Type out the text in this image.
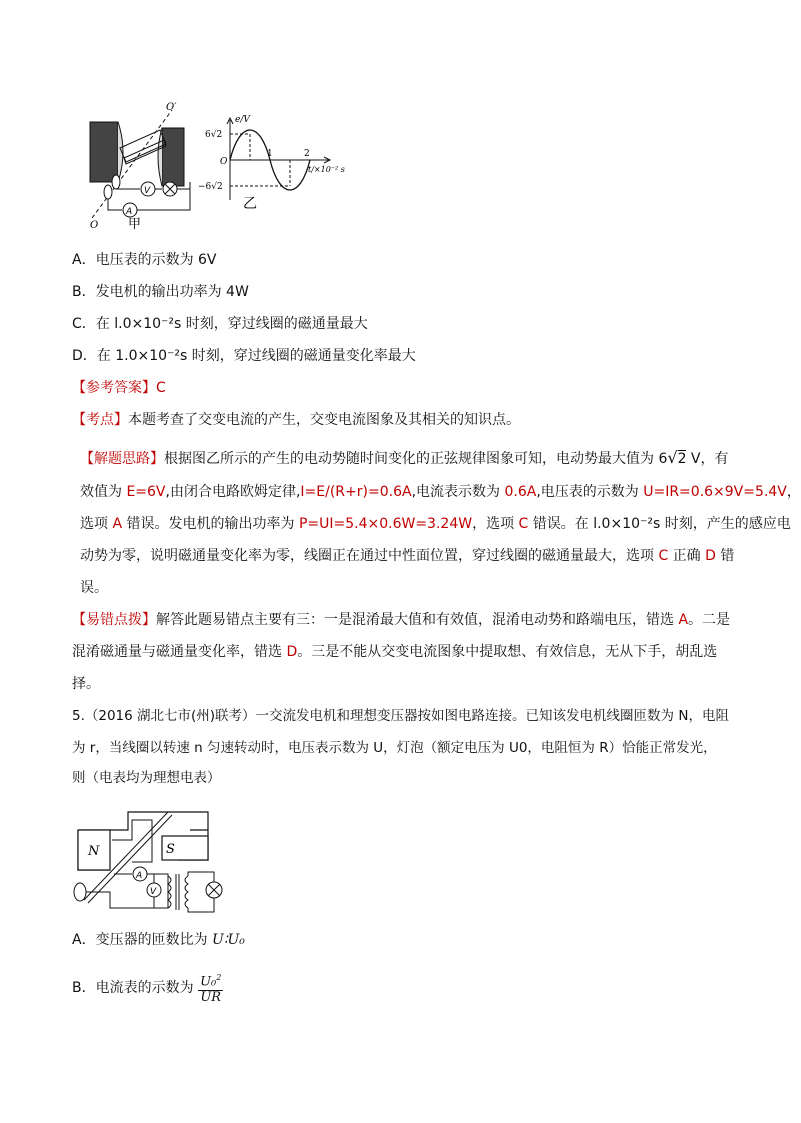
O′
O
A
V
e/V
6√2
O
−6√2
1	2
t/×10⁻² s
甲
乙
A．电压表的示数为 6V
B．发电机的输出功率为 4W
C．在 l.0×10⁻²s 时刻，穿过线圈的磁通量最大
D．在 1.0×10⁻²s 时刻，穿过线圈的磁通量变化率最大
【参考答案】C
【考点】本题考查了交变电流的产生，交变电流图象及其相关的知识点。
【解题思路】根据图乙所示的产生的电动势随时间变化的正弦规律图象可知，电动势最大值为 6√2 V，有
效值为 E=6V,由闭合电路欧姆定律,I=E/(R+r)=0.6A,电流表示数为 0.6A,电压表的示数为 U=IR=0.6×9V=5.4V，
选项 A 错误。发电机的输出功率为 P=UI=5.4×0.6W=3.24W，选项 C 错误。在 l.0×10⁻²s 时刻，产生的感应电
动势为零，说明磁通量变化率为零，线圈正在通过中性面位置，穿过线圈的磁通量最大，选项 C 正确 D 错
误。
【易错点拨】解答此题易错点主要有三：一是混淆最大值和有效值，混淆电动势和路端电压，错选 A。二是
混淆磁通量与磁通量变化率，错选 D。三是不能从交变电流图象中提取想、有效信息，无从下手，胡乱选
择。
5.（2016 湖北七市(州)联考）一交流发电机和理想变压器按如图电路连接。已知该发电机线圈匝数为 N，电阻
为 r，当线圈以转速 n 匀速转动时，电压表示数为 U，灯泡（额定电压为 U0，电阻恒为 R）恰能正常发光，
则（电表均为理想电表）
N	S
A
V
A．变压器的匝数比为 U∶U₀
B．电流表的示数为 $\frac{U_0^2}{UR}$
